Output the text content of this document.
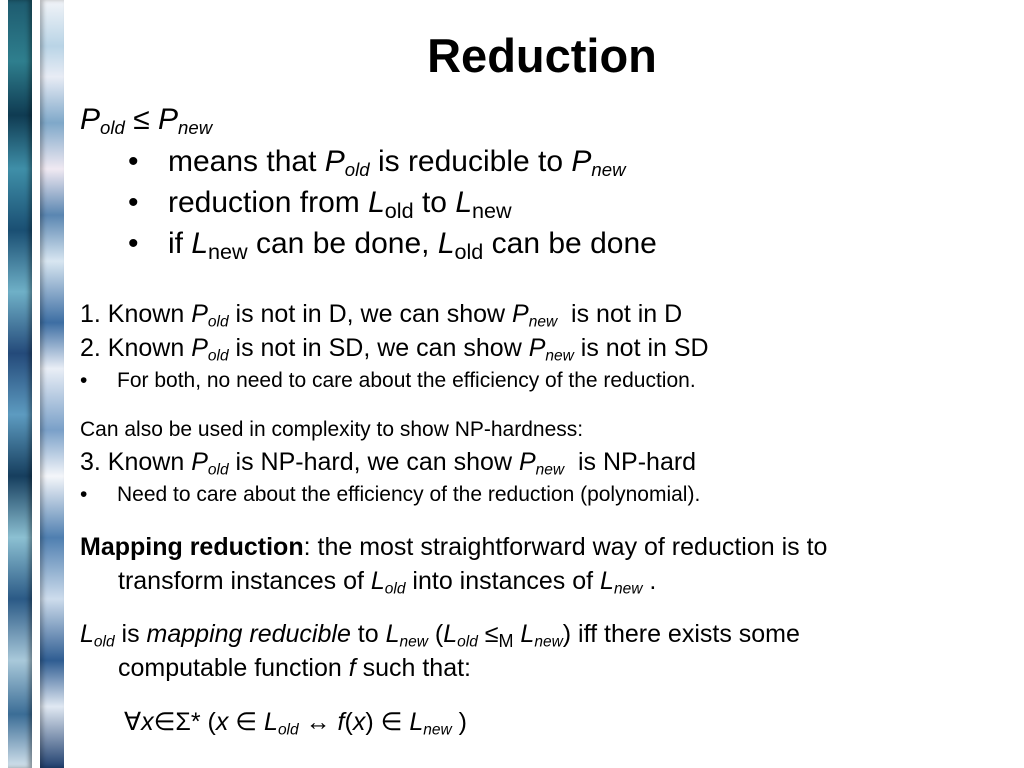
Reduction
$P_{old} \le P_{new}$
• means that $P_{old}$ is reducible to $P_{new}$
• reduction from $L_{old}$ to $L_{new}$
• if $L_{new}$ can be done, $L_{old}$ can be done
1. Known $P_{old}$ is not in D, we can show $P_{new}$  is not in D
2. Known $P_{old}$ is not in SD, we can show $P_{new}$ is not in SD
• For both, no need to care about the efficiency of the reduction.
Can also be used in complexity to show NP-hardness:
3. Known $P_{old}$ is NP-hard, we can show $P_{new}$  is NP-hard
• Need to care about the efficiency of the reduction (polynomial).
Mapping reduction: the most straightforward way of reduction is to
transform instances of $L_{old}$ into instances of $L_{new}$ .
$L_{old}$ is mapping reducible to $L_{new}$ ($L_{old} \le_M$ $L_{new}$) iff there exists some
computable function f such that:
∀x∈Σ* (x ∈ $L_{old}$ ↔ f(x) ∈ $L_{new}$ )
